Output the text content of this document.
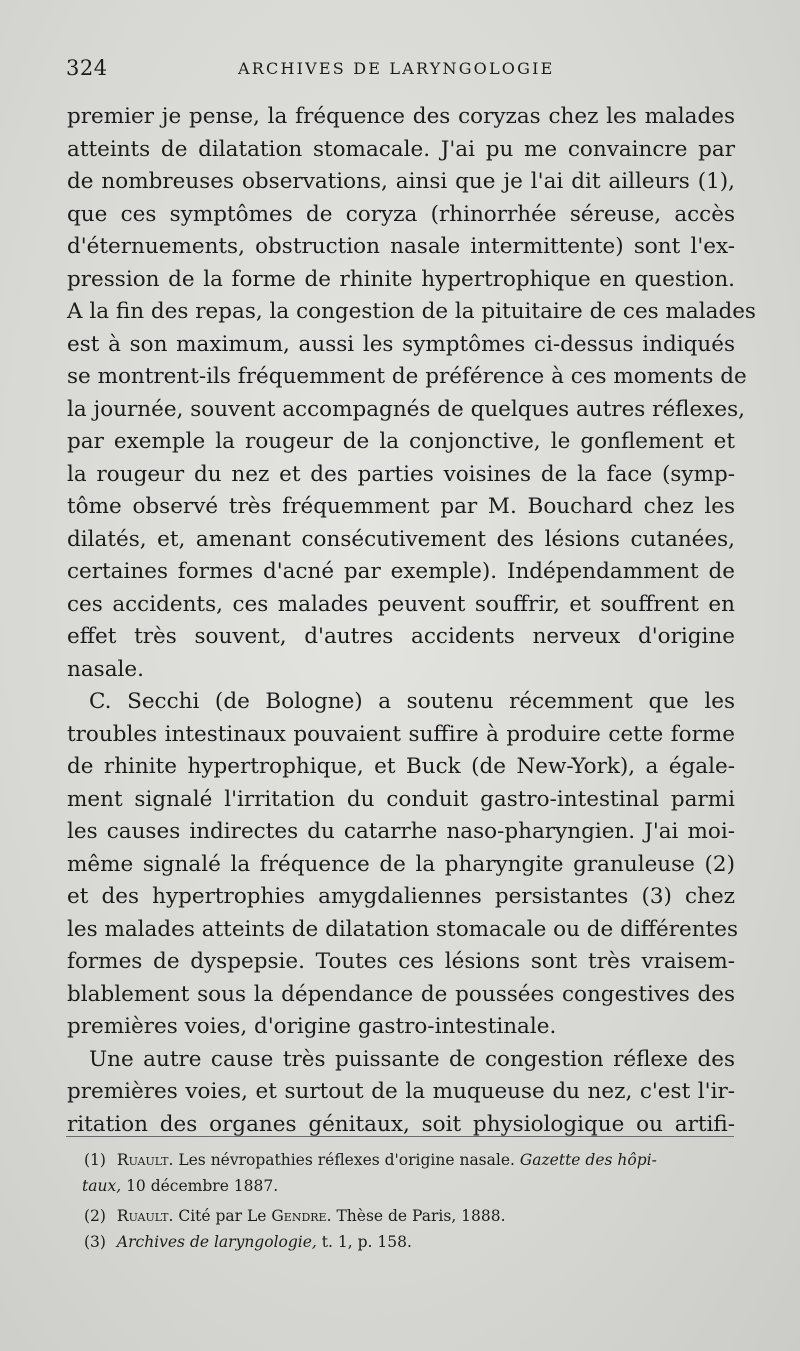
324	ARCHIVES DE LARYNGOLOGIE
premier je pense, la fréquence des coryzas chez les malades
atteints de dilatation stomacale. J'ai pu me convaincre par
de nombreuses observations, ainsi que je l'ai dit ailleurs (1),
que ces symptômes de coryza (rhinorrhée séreuse, accès
d'éternuements, obstruction nasale intermittente) sont l'ex-
pression de la forme de rhinite hypertrophique en question.
A la fin des repas, la congestion de la pituitaire de ces malades
est à son maximum, aussi les symptômes ci-dessus indiqués
se montrent-ils fréquemment de préférence à ces moments de
la journée, souvent accompagnés de quelques autres réflexes,
par exemple la rougeur de la conjonctive, le gonflement et
la rougeur du nez et des parties voisines de la face (symp-
tôme observé très fréquemment par M. Bouchard chez les
dilatés, et, amenant consécutivement des lésions cutanées,
certaines formes d'acné par exemple). Indépendamment de
ces accidents, ces malades peuvent souffrir, et souffrent en
effet très souvent, d'autres accidents nerveux d'origine
nasale.
C. Secchi (de Bologne) a soutenu récemment que les
troubles intestinaux pouvaient suffire à produire cette forme
de rhinite hypertrophique, et Buck (de New-York), a égale-
ment signalé l'irritation du conduit gastro-intestinal parmi
les causes indirectes du catarrhe naso-pharyngien. J'ai moi-
même signalé la fréquence de la pharyngite granuleuse (2)
et des hypertrophies amygdaliennes persistantes (3) chez
les malades atteints de dilatation stomacale ou de différentes
formes de dyspepsie. Toutes ces lésions sont très vraisem-
blablement sous la dépendance de poussées congestives des
premières voies, d'origine gastro-intestinale.
Une autre cause très puissante de congestion réflexe des
premières voies, et surtout de la muqueuse du nez, c'est l'ir-
ritation des organes génitaux, soit physiologique ou artifi-
(1) Ruault. Les névropathies réflexes d'origine nasale. Gazette des hôpi-
taux, 10 décembre 1887.
(2) Ruault. Cité par Le Gendre. Thèse de Paris, 1888.
(3) Archives de laryngologie, t. 1, p. 158.
